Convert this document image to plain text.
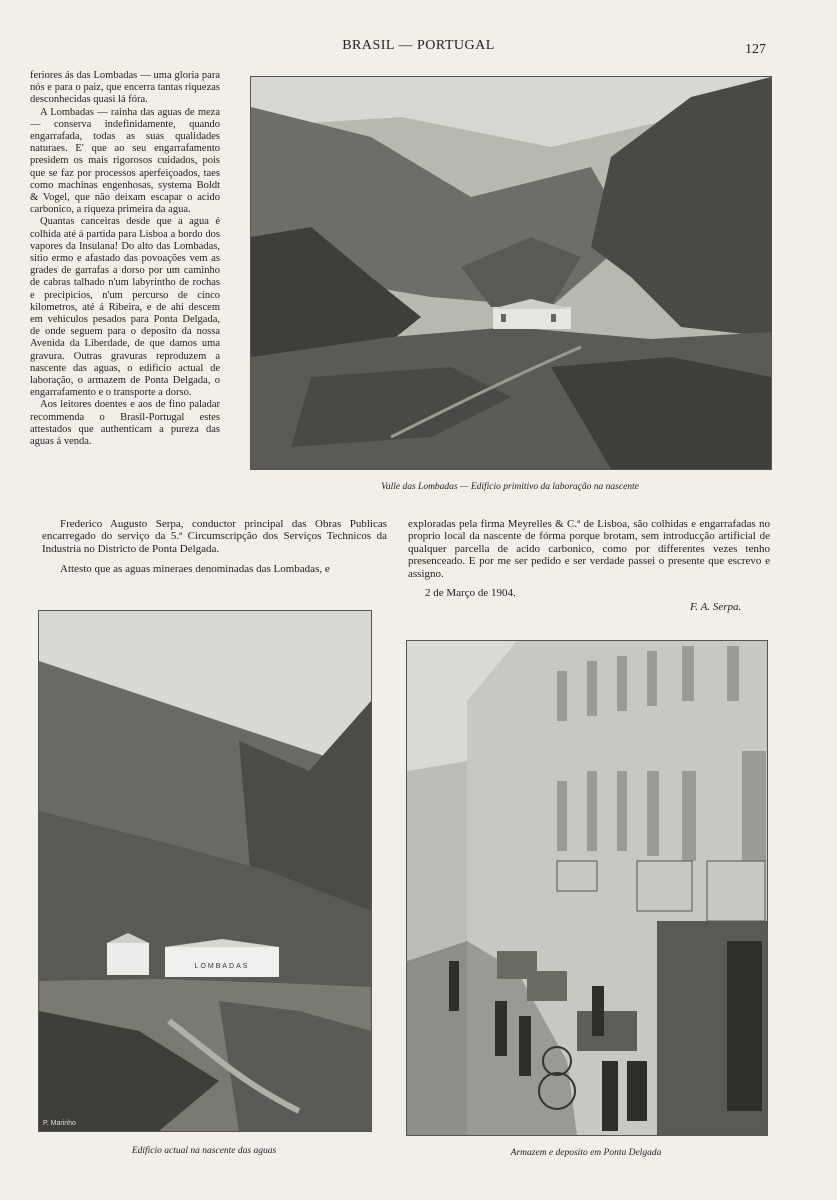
BRASIL — PORTUGAL	127

feriores ás das Lombadas — uma gloria para nós e para o paiz, que encerra tantas riquezas desconhecidas quasi lá fóra.

A Lombadas — rainha das aguas de meza — conserva indefinidamente, quando engarrafada, todas as suas qualidades naturaes. E' que ao seu engarrafamento presidem os mais rigorosos cuidados, pois que se faz por processos aperfeiçoados, taes como machinas engenhosas, systema Boldt & Vogel, que não deixam escapar o acido carbonico, a riqueza primeira da agua.

Quantas canceiras desde que a agua é colhida até á partida para Lisboa a bordo dos vapores da Insulana! Do alto das Lombadas, sitio ermo e afastado das povoações vem as grades de garrafas a dorso por um caminho de cabras talhado n'um labyrintho de rochas e precipicios, n'um percurso de cinco kilometros, até á Ribeira, e de ahi descem em vehiculos pesados para Ponta Delgada, de onde seguem para o deposito da nossa Avenida da Liberdade, de que damos uma gravura. Outras gravuras reproduzem a nascente das aguas, o edificio actual de laboração, o armazem de Ponta Delgada, o engarrafamento e o transporte a dorso.

Aos leitores doentes e aos de fino paladar recommenda o Brasil-Portugal estes attestados que authenticam a pureza das aguas á venda.

Valle das Lombadas — Edificio primitivo da laboração na nascente

Frederico Augusto Serpa, conductor principal das Obras Publicas encarregado do serviço da 5.ª Circumscripção dos Serviços Technicos da Industria no Districto de Ponta Delgada.

Attesto que as aguas mineraes denominadas das Lombadas, e

exploradas pela firma Meyrelles & C.ª de Lisboa, são colhidas e engarrafadas no proprio local da nascente de fórma porque brotam, sem introducção artificial de qualquer parcella de acido carbonico, como por differentes vezes tenho presenceado. E por me ser pedido e ser verdade passei o presente que escrevo e assigno.

2 de Março de 1904.
F. A. Serpa.
LOMBADAS
P. Marinho
Edificio actual na nascente das aguas	Armazem e deposito em Ponta Delgada
